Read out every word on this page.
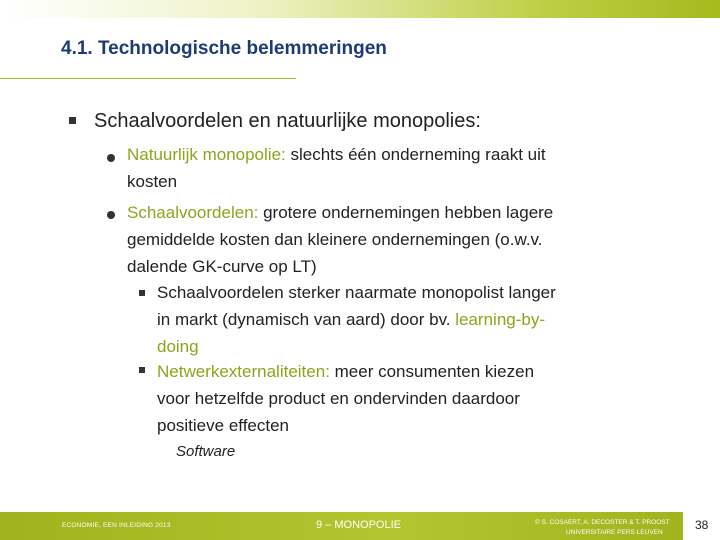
4.1. Technologische belemmeringen
Schaalvoordelen en natuurlijke monopolies:
Natuurlijk monopolie: slechts één onderneming raakt uit
kosten
Schaalvoordelen: grotere ondernemingen hebben lagere
gemiddelde kosten dan kleinere ondernemingen (o.w.v.
dalende GK-curve op LT)
Schaalvoordelen sterker naarmate monopolist langer
in markt (dynamisch van aard) door bv. learning-by-
doing
Netwerkexternaliteiten: meer consumenten kiezen
voor hetzelfde product en ondervinden daardoor
positieve effecten
Software
ECONOMIE, EEN INLEIDING 2013	9 – MONOPOLIE	© S. COSAERT, A. DECOSTER & T. PROOST
UNIVERSITAIRE PERS LEUVEN
38
